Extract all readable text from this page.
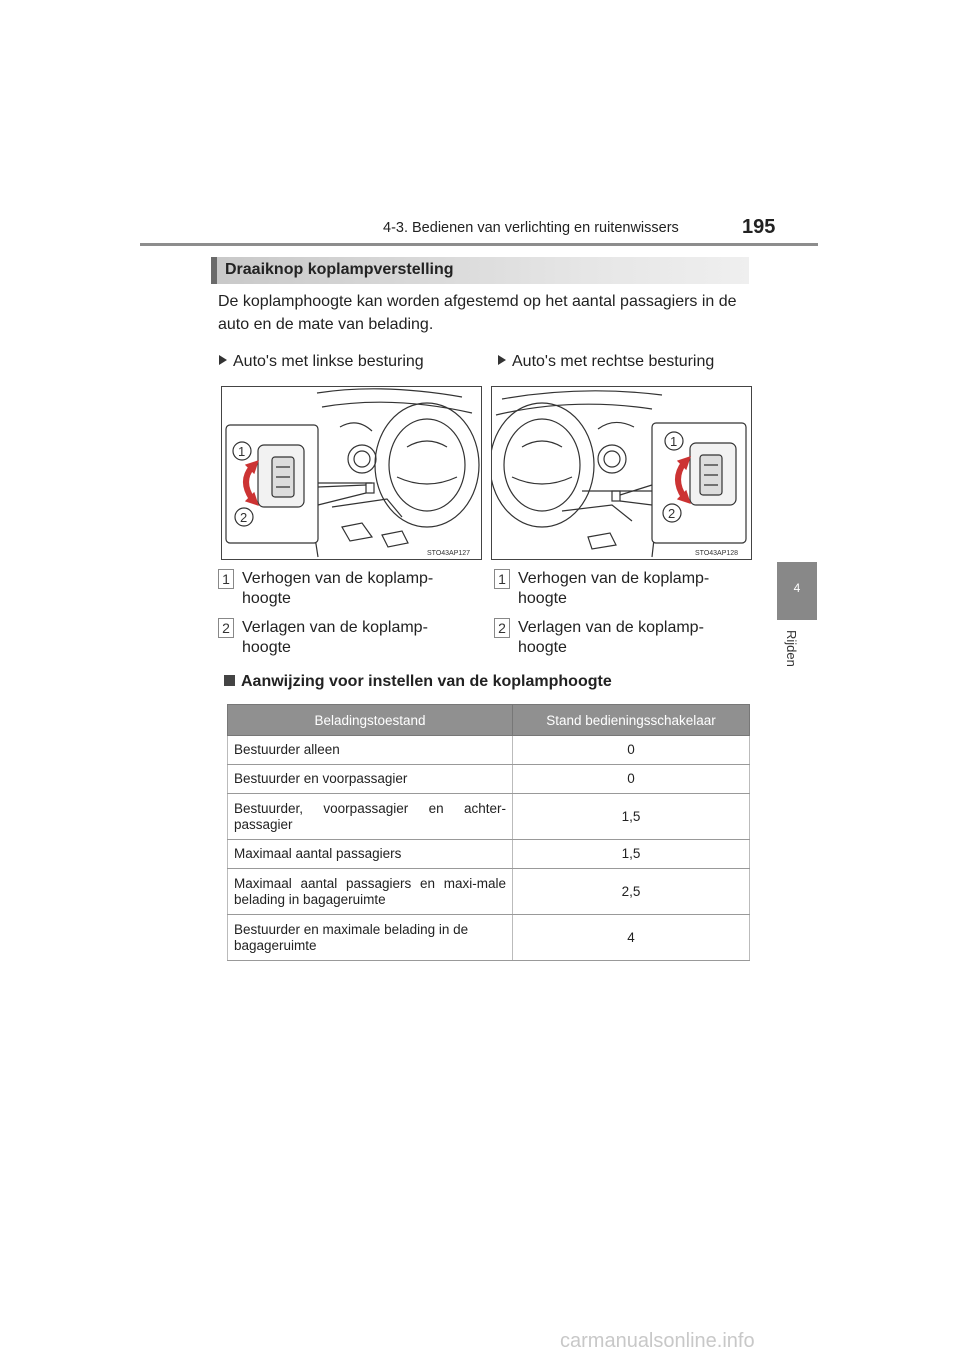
4-3. Bedienen van verlichting en ruitenwissers	195
4
Rijden
Draaiknop koplampverstelling
De koplamphoogte kan worden afgestemd op het aantal passagiers in de auto en de mate van belading.
Auto's met linkse besturing	Auto's met rechtse besturing
1
2
STO43AP127
1
2
STO43AP128
1 Verhogen van de koplamp-
hoogte
2 Verlagen van de koplamp-
hoogte
1 Verhogen van de koplamp-
hoogte
2 Verlagen van de koplamp-
hoogte
Aanwijzing voor instellen van de koplamphoogte
Beladingstoestand	Stand bedieningsschakelaar
Bestuurder alleen	0
Bestuurder en voorpassagier	0
Bestuurder, voorpassagier en achter-passagier	1,5
Maximaal aantal passagiers	1,5
Maximaal aantal passagiers en maxi-male belading in bagageruimte	2,5
Bestuurder en maximale belading in de bagageruimte	4
carmanualsonline.info
